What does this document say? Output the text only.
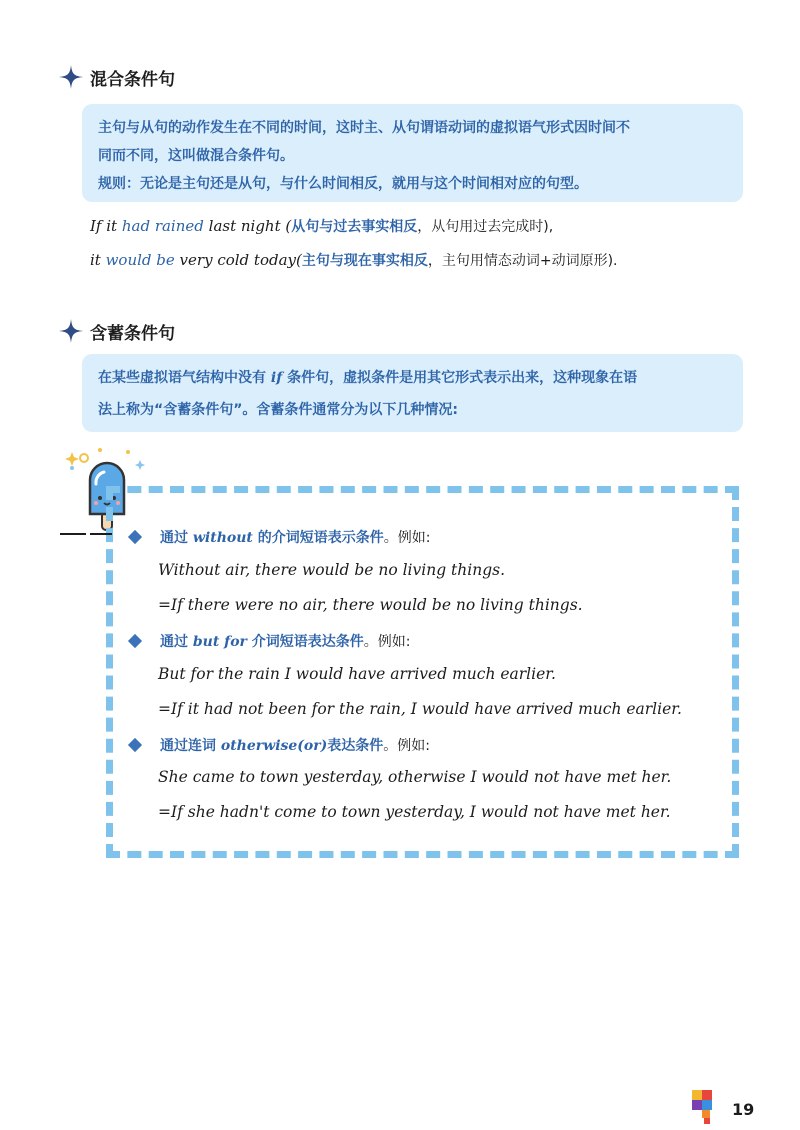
混合条件句

主句与从句的动作发生在不同的时间，这时主、从句谓语动词的虚拟语气形式因时间不

同而不同，这叫做混合条件句。

规则：无论是主句还是从句，与什么时间相反，就用与这个时间相对应的句型。

If it had rained last night (从句与过去事实相反，从句用过去完成时),
it would be very cold today(主句与现在事实相反，主句用情态动词+动词原形).
含蓄条件句

在某些虚拟语气结构中没有 if 条件句，虚拟条件是用其它形式表示出来，这种现象在语

法上称为“含蓄条件句”。含蓄条件通常分为以下几种情况:

通过 without 的介词短语表示条件 。例如:
Without air, there would be no living things.
=If there were no air, there would be no living things.
通过 but for 介词短语表达条件 。例如:
But for the rain I would have arrived much earlier.
=If it had not been for the rain, I would have arrived much earlier.
通过连词 otherwise(or)表达条件 。例如:
She came to town yesterday, otherwise I would not have met her.
=If she hadn't come to town yesterday, I would not have met her.
19
